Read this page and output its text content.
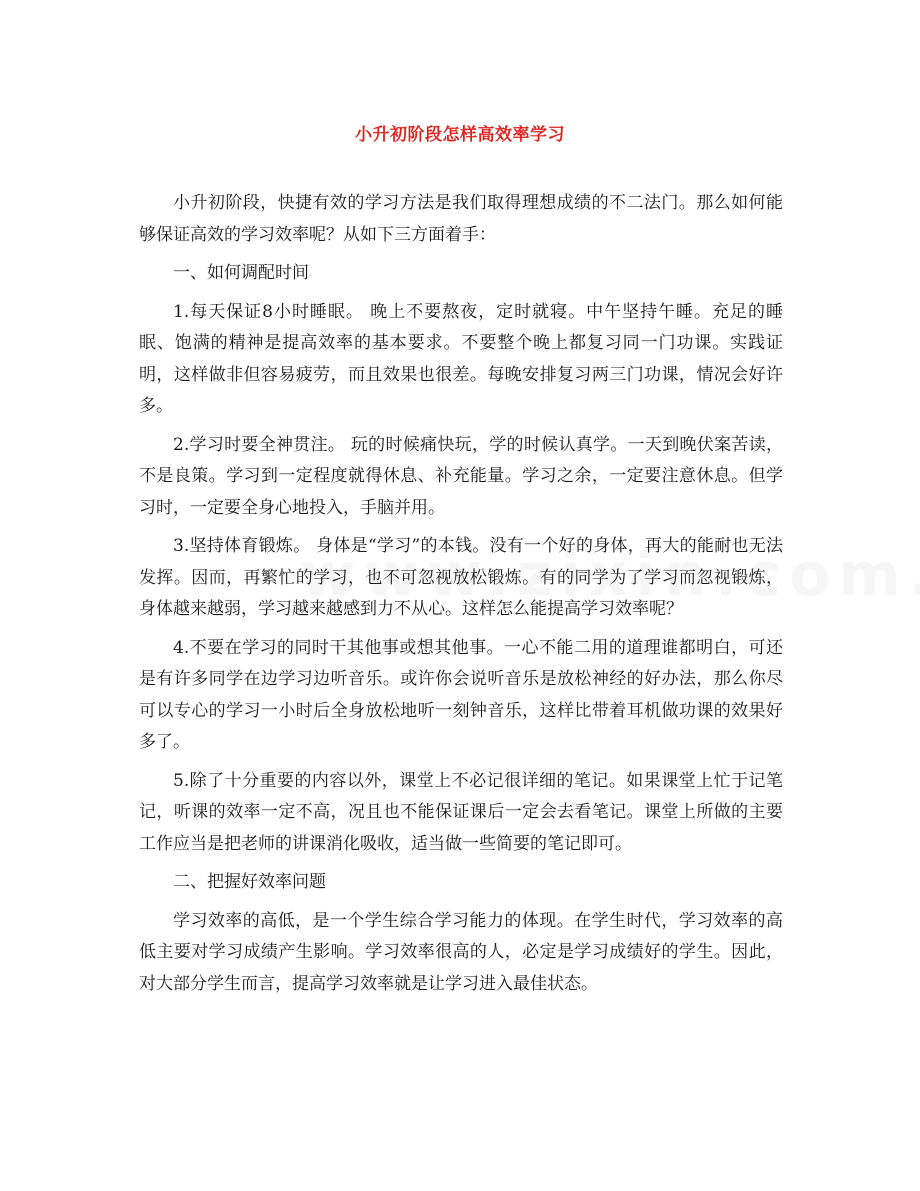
小升初阶段怎样高效率学习

小升初阶段，快捷有效的学习方法是我们取得理想成绩的不二法门。那么如何能够保证高效的学习效率呢？从如下三方面着手：

一、如何调配时间

1.每天保证8小时睡眠。 晚上不要熬夜，定时就寝。中午坚持午睡。充足的睡眠、饱满的精神是提高效率的基本要求。不要整个晚上都复习同一门功课。实践证明，这样做非但容易疲劳，而且效果也很差。每晚安排复习两三门功课，情况会好许多。

2.学习时要全神贯注。 玩的时候痛快玩，学的时候认真学。一天到晚伏案苦读，不是良策。学习到一定程度就得休息、补充能量。学习之余，一定要注意休息。但学习时，一定要全身心地投入，手脑并用。

3.坚持体育锻炼。 身体是“学习”的本钱。没有一个好的身体，再大的能耐也无法发挥。因而，再繁忙的学习，也不可忽视放松锻炼。有的同学为了学习而忽视锻炼，身体越来越弱，学习越来越感到力不从心。这样怎么能提高学习效率呢？

4.不要在学习的同时干其他事或想其他事。一心不能二用的道理谁都明白，可还是有许多同学在边学习边听音乐。或许你会说听音乐是放松神经的好办法，那么你尽可以专心的学习一小时后全身放松地听一刻钟音乐，这样比带着耳机做功课的效果好多了。

5.除了十分重要的内容以外，课堂上不必记很详细的笔记。如果课堂上忙于记笔记，听课的效率一定不高，况且也不能保证课后一定会去看笔记。课堂上所做的主要工作应当是把老师的讲课消化吸收，适当做一些简要的笔记即可。

二、把握好效率问题

学习效率的高低，是一个学生综合学习能力的体现。在学生时代，学习效率的高低主要对学习成绩产生影响。学习效率很高的人，必定是学习成绩好的学生。因此，对大部分学生而言，提高学习效率就是让学习进入最佳状态。
